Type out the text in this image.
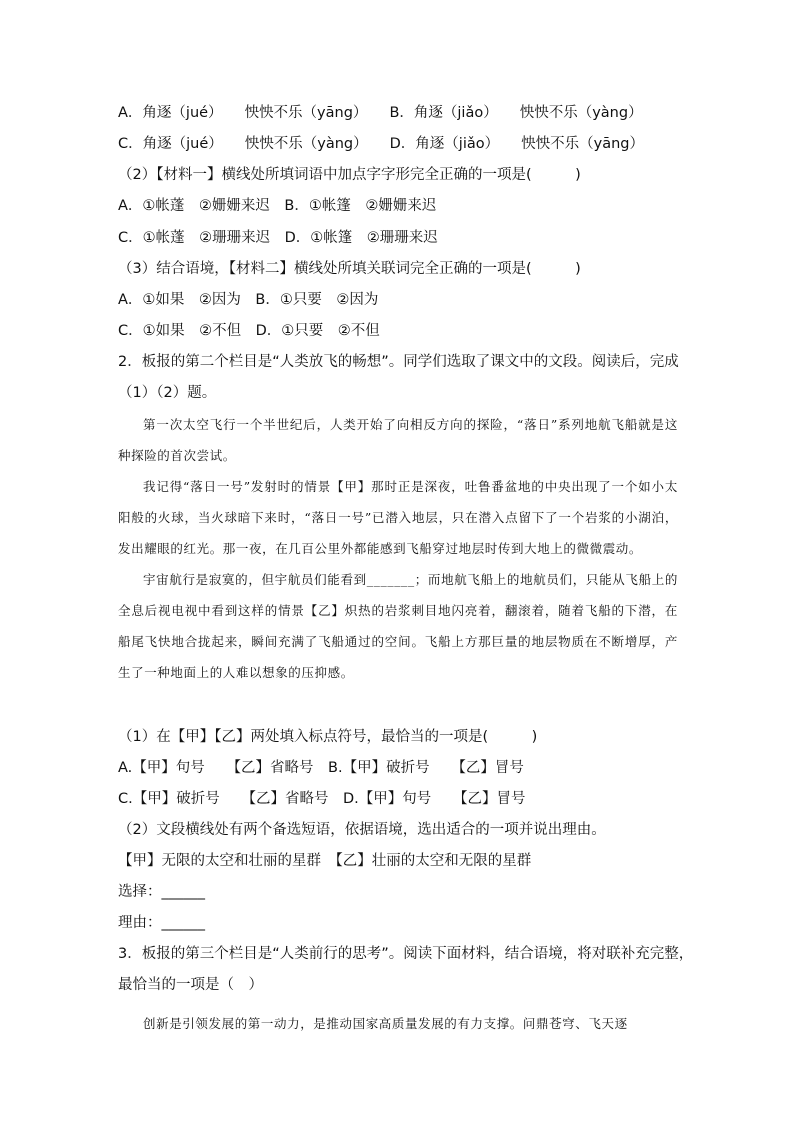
A．角逐（jué） 怏怏不乐（yāng） B．角逐（jiǎo） 怏怏不乐（yàng）
C．角逐（jué） 怏怏不乐（yàng） D．角逐（jiǎo） 怏怏不乐（yāng）
（2）【材料一】横线处所填词语中加点字字形完全正确的一项是(　　　)
A．①帐蓬　②姗姗来迟　B．①帐篷　②姗姗来迟
C．①帐蓬　②珊珊来迟　D．①帐篷　②珊珊来迟
（3）结合语境，【材料二】横线处所填关联词完全正确的一项是(　　　)
A．①如果　②因为　B．①只要　②因为
C．①如果　②不但　D．①只要　②不但
2．板报的第二个栏目是“人类放飞的畅想”。同学们选取了课文中的文段。阅读后，完成
（1）（2）题。

第一次太空飞行一个半世纪后，人类开始了向相反方向的探险，“落日”系列地航飞船就是这种探险的首次尝试。

我记得“落日一号”发射时的情景【甲】那时正是深夜，吐鲁番盆地的中央出现了一个如小太阳般的火球，当火球暗下来时，“落日一号”已潜入地层，只在潜入点留下了一个岩浆的小湖泊，发出耀眼的红光。那一夜，在几百公里外都能感到飞船穿过地层时传到大地上的微微震动。

宇宙航行是寂寞的，但宇航员们能看到_______；而地航飞船上的地航员们，只能从飞船上的全息后视电视中看到这样的情景【乙】炽热的岩浆刺目地闪亮着，翻滚着，随着飞船的下潜，在船尾飞快地合拢起来，瞬间充满了飞船通过的空间。飞船上方那巨量的地层物质在不断增厚，产生了一种地面上的人难以想象的压抑感。

（1）在【甲】【乙】两处填入标点符号，最恰当的一项是(　　　)
A.【甲】句号　　【乙】省略号　B.【甲】破折号　　【乙】冒号
C.【甲】破折号　　【乙】省略号　D.【甲】句号　　【乙】冒号
（2）文段横线处有两个备选短语，依据语境，选出适合的一项并说出理由。
【甲】无限的太空和壮丽的星群　【乙】壮丽的太空和无限的星群
选择：______
理由：______
3．板报的第三个栏目是“人类前行的思考”。阅读下面材料，结合语境，将对联补充完整，
最恰当的一项是（　）

创新是引领发展的第一动力，是推动国家高质量发展的有力支撑。问鼎苍穹、飞天逐
